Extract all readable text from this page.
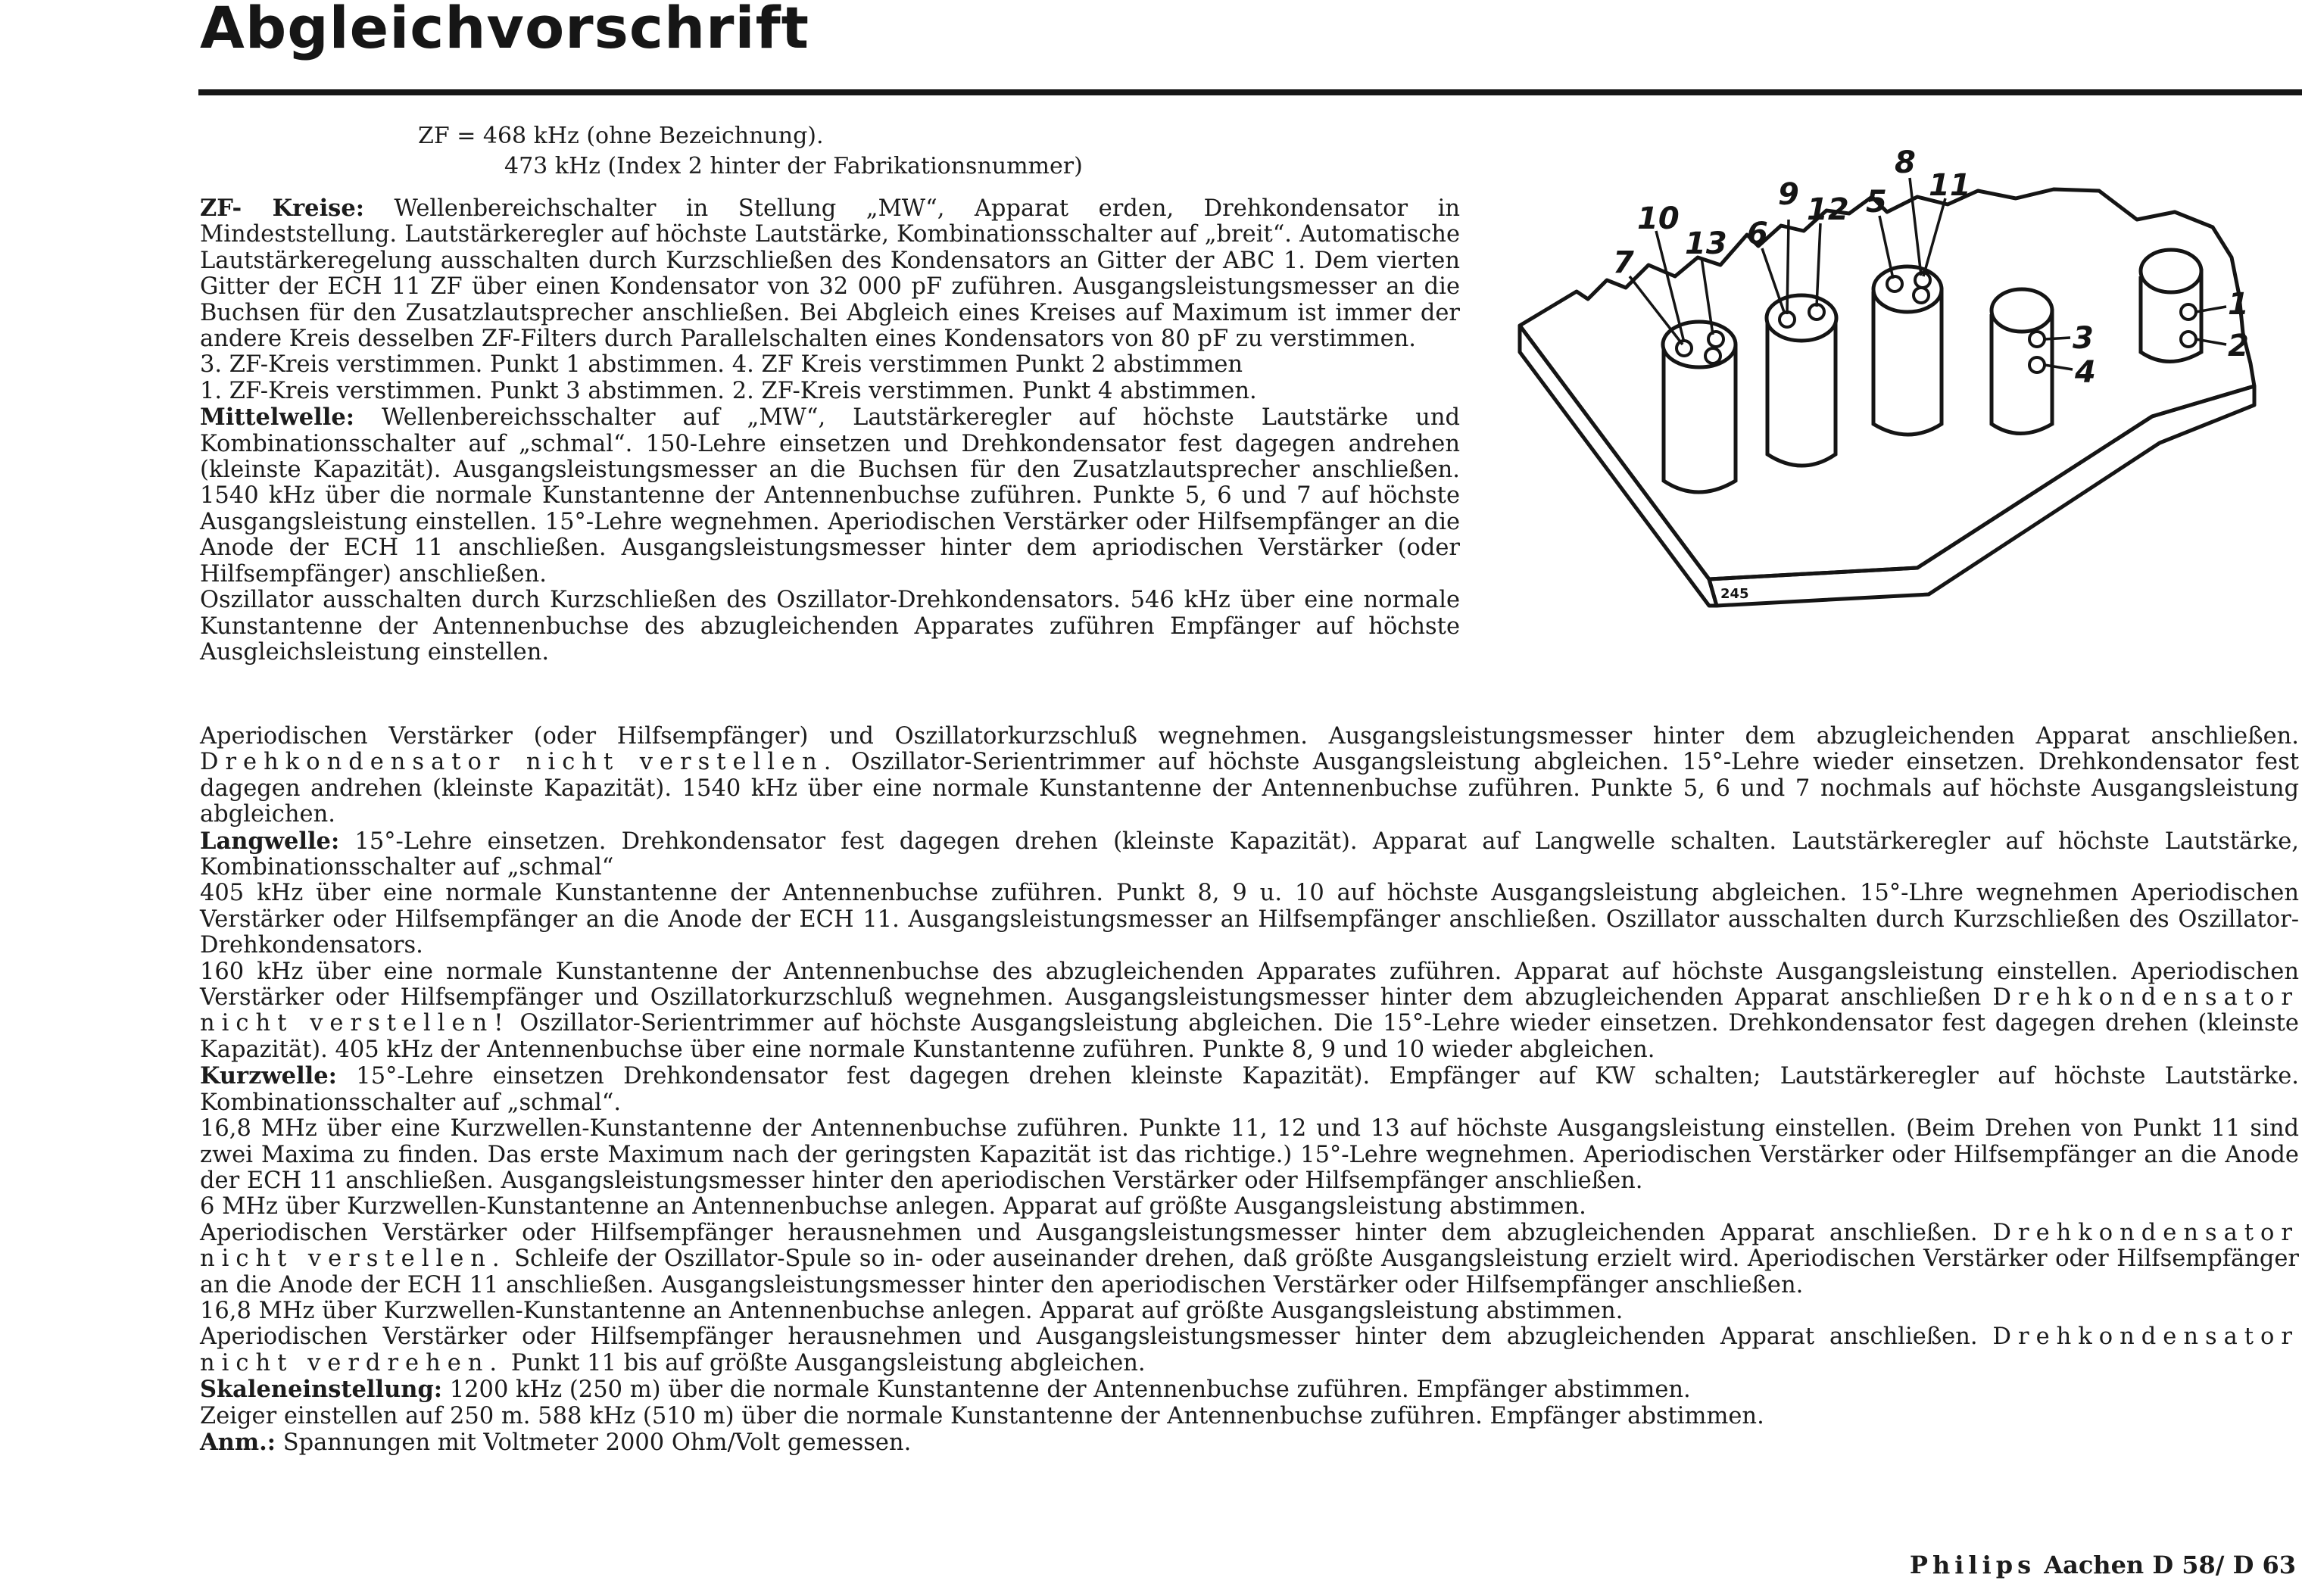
Abgleichvorschrift
ZF = 468 kHz (ohne Bezeichnung).
473 kHz (Index 2 hinter der Fabrikationsnummer)

ZF- Kreise: Wellenbereichschalter in Stellung „MW“, Apparat erden, Drehkondensator in Mindeststellung. Lautstärkeregler auf höchste Lautstärke, Kombinationsschalter auf „breit“. Automatische Lautstärkeregelung ausschalten durch Kurzschließen des Kondensators an Gitter der ABC 1. Dem vierten Gitter der ECH 11 ZF über einen Kondensator von 32 000 pF zuführen. Ausgangsleistungsmesser an die Buchsen für den Zusatzlautsprecher anschließen. Bei Abgleich eines Kreises auf Maximum ist immer der andere Kreis desselben ZF-Filters durch Parallelschalten eines Kondensators von 80 pF zu verstimmen.

3. ZF-Kreis verstimmen. Punkt 1 abstimmen. 4. ZF Kreis verstimmen Punkt 2 abstimmen

1. ZF-Kreis verstimmen. Punkt 3 abstimmen. 2. ZF-Kreis verstimmen. Punkt 4 abstimmen.

Mittelwelle: Wellenbereichsschalter auf „MW“, Lautstärkeregler auf höchste Lautstärke und Kombinationsschalter auf „schmal“. 150-Lehre einsetzen und Drehkondensator fest dagegen andrehen (kleinste Kapazität). Ausgangsleistungsmesser an die Buchsen für den Zusatzlautsprecher anschließen. 1540 kHz über die normale Kunstantenne der Antennenbuchse zuführen. Punkte 5, 6 und 7 auf höchste Ausgangsleistung einstellen. 15°-Lehre wegnehmen. Aperiodischen Verstärker oder Hilfsempfänger an die Anode der ECH 11 anschließen. Ausgangsleistungsmesser hinter dem apriodischen Verstärker (oder Hilfsempfänger) anschließen.

Oszillator ausschalten durch Kurzschließen des Oszillator-Drehkondensators. 546 kHz über eine normale Kunstantenne der Antennenbuchse des abzugleichenden Apparates zuführen Empfänger auf höchste Ausgleichsleistung einstellen.

245
7
10
13 6
9 12 5
8
11
3
4
1
2

Aperiodischen Verstärker (oder Hilfsempfänger) und Oszillatorkurzschluß wegnehmen. Ausgangsleistungsmesser hinter dem abzugleichenden Apparat anschließen. Drehkondensator nicht verstellen. Oszillator-Serientrimmer auf höchste Ausgangsleistung abgleichen. 15°-Lehre wieder einsetzen. Drehkondensator fest dagegen andrehen (kleinste Kapazität). 1540 kHz über eine normale Kunstantenne der Antennenbuchse zuführen. Punkte 5, 6 und 7 nochmals auf höchste Ausgangsleistung abgleichen.

Langwelle: 15°-Lehre einsetzen. Drehkondensator fest dagegen drehen (kleinste Kapazität). Apparat auf Langwelle schalten. Lautstärkeregler auf höchste Lautstärke, Kombinationsschalter auf „schmal“

405 kHz über eine normale Kunstantenne der Antennenbuchse zuführen. Punkt 8, 9 u. 10 auf höchste Ausgangsleistung abgleichen. 15°-Lhre wegnehmen Aperiodischen Verstärker oder Hilfsempfänger an die Anode der ECH 11. Ausgangsleistungsmesser an Hilfsempfänger anschließen. Oszillator ausschalten durch Kurzschließen des Oszillator-Drehkondensators.

160 kHz über eine normale Kunstantenne der Antennenbuchse des abzugleichenden Apparates zuführen. Apparat auf höchste Ausgangsleistung einstellen. Aperiodischen Verstärker oder Hilfsempfänger und Oszillatorkurzschluß wegnehmen. Ausgangsleistungsmesser hinter dem abzugleichenden Apparat anschließen Drehkondensator nicht verstellen! Oszillator-Serientrimmer auf höchste Ausgangsleistung abgleichen. Die 15°-Lehre wieder einsetzen. Drehkondensator fest dagegen drehen (kleinste Kapazität). 405 kHz der Antennenbuchse über eine normale Kunstantenne zuführen. Punkte 8, 9 und 10 wieder abgleichen.

Kurzwelle: 15°-Lehre einsetzen Drehkondensator fest dagegen drehen kleinste Kapazität). Empfänger auf KW schalten; Lautstärkeregler auf höchste Lautstärke. Kombinationsschalter auf „schmal“.

16,8 MHz über eine Kurzwellen-Kunstantenne der Antennenbuchse zuführen. Punkte 11, 12 und 13 auf höchste Ausgangsleistung einstellen. (Beim Drehen von Punkt 11 sind zwei Maxima zu finden. Das erste Maximum nach der geringsten Kapazität ist das richtige.) 15°-Lehre wegnehmen. Aperiodischen Verstärker oder Hilfsempfänger an die Anode der ECH 11 anschließen. Ausgangsleistungsmesser hinter den aperiodischen Verstärker oder Hilfsempfänger anschließen.

6 MHz über Kurzwellen-Kunstantenne an Antennenbuchse anlegen. Apparat auf größte Ausgangsleistung abstimmen.

Aperiodischen Verstärker oder Hilfsempfänger herausnehmen und Ausgangsleistungsmesser hinter dem abzugleichenden Apparat anschließen. Drehkondensator nicht verstellen. Schleife der Oszillator-Spule so in- oder auseinander drehen, daß größte Ausgangsleistung erzielt wird. Aperiodischen Verstärker oder Hilfsempfänger an die Anode der ECH 11 anschließen. Ausgangsleistungsmesser hinter den aperiodischen Verstärker oder Hilfsempfänger anschließen.

16,8 MHz über Kurzwellen-Kunstantenne an Antennenbuchse anlegen. Apparat auf größte Ausgangsleistung abstimmen.

Aperiodischen Verstärker oder Hilfsempfänger herausnehmen und Ausgangsleistungsmesser hinter dem abzugleichenden Apparat anschließen. Drehkondensator nicht verdrehen. Punkt 11 bis auf größte Ausgangsleistung abgleichen.

Skaleneinstellung: 1200 kHz (250 m) über die normale Kunstantenne der Antennenbuchse zuführen. Empfänger abstimmen.

Zeiger einstellen auf 250 m. 588 kHz (510 m) über die normale Kunstantenne der Antennenbuchse zuführen. Empfänger abstimmen.

Anm.: Spannungen mit Voltmeter 2000 Ohm/Volt gemessen.

Philips Aachen D 58/ D 63
